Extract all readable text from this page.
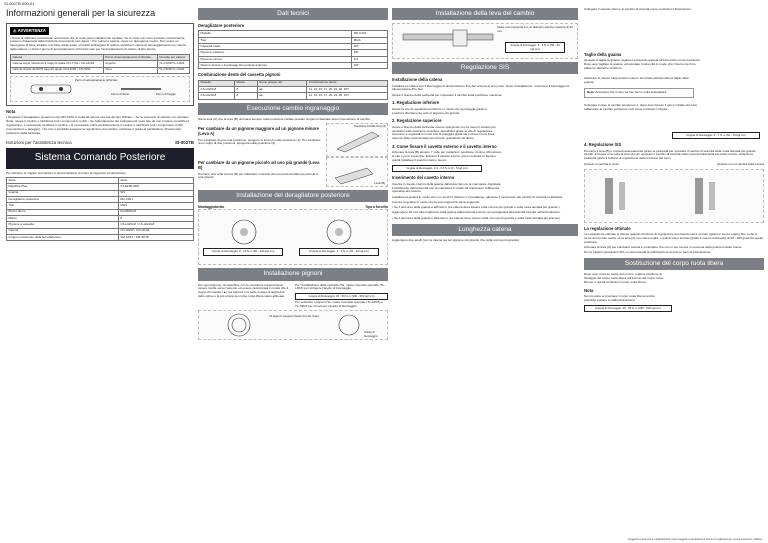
SI-0027B-000-01
Informazioni generali per la sicurezza
⚠ AVVERTENZA

• Prima di utilizzare la bicicletta, assicurarsi che le ruote siano saldamente avvitate. Se le ruote non sono avvitate correttamente, possono distaccarsi dalla bicicletta provocando seri danni. • Per pulire la catena, usare un detergente neutro. Non usare un detergente di base alcalina o di base acida quale i prodotti antiruggine in quanto sarebbero causa di danneggiamento e/o rottura della catena. • Usare il perno di accoppiamento rinforzato solo per l'accoppiamento di catene di tipo stretto.

Catena	Perno di accoppiamento rinforzato	Utensile per catena
Catena super stretta da 9 rapporti quale CN-7701 / CN-HG93	Argento	TL-CN32/TL-CN23
Catena stretta da 8/7/6 rapporti quale CN-HG50 / CN-IG51	Nero	TL-CN32/TL-CN22
Perno di accoppiamento rinforzato
Perno d'ottone	Perno di freggio
Nota

• Regolare il deragliatore posteriore tipo RD-C201 a molla ad azione inversa del tipo sfibrato. • Se le sporcano di cambio non risultano fluide, lavare il cambio e lubrificare tutti i componenti mobili. • Se l'allentamento dei collegamenti ruote tale da non rendere possibile la regolazione, è necessario sostituire il cambio. • È necessario pulire periodicamente il cambio e lubrificare tutti i componenti mobili (meccanismo e pulegge). • Se non è possibile eseguire la regolazione del cambio, verificare il grado di parallelismo all'estremità posteriore della bicicletta.

Istruzioni per l'assistenza tecnica	SI-0027B
Sistema Comando Posteriore

Per ottenere le migliori prestazioni si raccomandano di usare la seguente combinazione.

Serie	Altus
Rapidfire Plus	ST-EF50-9R/T
Guaina	SIS
Deragliatore posteriore	RD-C201
Tipo	MGS
Mozzo libero	FH-RM30-8
Marce	8
Pignone a cassetta	CS-HG50-8 / CS-HG40-8
Catena	CN-HG53 / CN-HG40
Gruppo movimento della ferrodarlerone	SM-SP10 / SM-SP18
Dati tecnici
Deragliatore posteriore
Modello	RD-C201
Tipo	MGS
Capacità totale	32T
Pignone massimo	34T
Pignone minimo	11T
Sistemi da fare e ingranaggi lato puntura anteriore	32T
Combinazione dente del cassetta pignoni
Modello	Marce	Nome gruppo det	Combinazione dente
CS-HG50-8	8	aa	11, 13, 15, 17, 20, 23, 26, 30T
CS-HG40-8	8	aa	11, 13, 15, 17, 20, 23, 26, 34T
Esecuzione cambio ingranaggio

Sia la leva (A) che la leva (B) ritornano sempre nella posizione iniziale quando vengono rilasciate dopo l'operazione di cambio.

Per cambiare da un pignone maggiore ad un pignone minore (Leva A)

Per cambiare di una sola posizione, spingere la leva (A) sulla posizione (1). Per cambiare di un colpo di due posizioni, spingerla sulla posizione (2).

Posizione iniziale leva (A)
Per cambiare da un pignone piccolo ad uno più grande (Leva B)

Premere una volta la leva (B) per effettuare il cambio da una ruota dentata più piccola a una grande.

Leva (B)
Installazione del deragliatore posteriore
Montaggiobietto	Tipo a forcella
Coppia di bloccaggio: 8 - 10 N·m (80 - 100 kgf·cm)	Coppia di bloccaggio: 3 - 4 N·m (30 - 40 kgf·cm)
Installazione pignoni

Per ogni pignone, la superficie con le marcature presenti deve essere rivolta verso l'esterno ed essere posizionata in modo che il segno di incastro (▲) sui pignoni e la parte A dove la larghezza dello spline è la più ampia del corpo ruota libera siano allineate.

Per l'installazione della cassetta HG, usare l'utensile speciale (TL-LR15) per stringere l'anello di bloccaggio.

Coppia di bloccaggio: 30 - 50 N·m (300 - 500 kgf·cm)

Per sostituire i pignoni HG, usare l'utensile speciale (TL-LR15) e TL-SR21 per rimuovere l'anello di bloccaggio.

I 8 pignoni vengono fissati con dei rivetti.
Anello di bloccaggio
Installazione della leva del cambio
Usare una manopola con un diametro esterno massimo di 32 mm.
Coppia di bloccaggio: 5 - 6 N·m (50 - 60 kgf·cm)
Regolazione SIS
Installazione della catena

Installare la catena con il bloccaggio di alimentazione Pro-Set ancora al suo posto. Dopo l'installazione, rimuovere il bloccaggio di alimentazione Pro-Set.

Girare il braccio della pedivella per impostare il cambio sulla posizione massima.

1. Regolazione inferiore

Girare la vite di regolazione inferiore in modo che la puleggia guida si posizioni direttamente sotto il pignone più grande.

2. Regolazione superiore

Girare il braccio della pedivella mentre spingendo con la mano il cambio per spostarlo sulla posizione massima, dopodiché girare la vite di regolazione superiore e regolarla in modo che la puleggia guida sia in linea con la linea esterna della ruota dentata più piccola, guardando da dietro.

3. Come fissare il cavetto esterno e il cavetto interno

Azionare la leva (B) almeno 7 volte per portarla in posizione minima. Rimuovere la vite e poi il coperchio. Estrarre il cavetto interno come mostrato in figura e quindi installare il cavetto interno nuovo.

Coppia di bloccaggio: 0.3 - 0.5 N·m (3 - 5 kgf·cm)
Inserimento del cavetto interno

Inserire il cavetto interno nella guaina dall'estremità con la marcatura. Applicare il lubrificante dall'estremità con la marcatura in modo da mantenere l'efficienza operativa del cavetto.

Installare la guaina in modo che non tocchi il ciclismo o il parafango, allineare il movimento del cambio di velocità in abbassa.

Inserire la guaina in modo che la sua lunghezza sia la seguente.

• Se il percorso della guaina è all'interno (La catena deve essere sulla corona più grande e sulla ruota dentata più grande.)

Aggiungere 10 mm alla lunghezza della guaina dall'estremità mentre nel portaguaina all'estremità inserita nell'articolazione.

• Se il percorso della guaina è all'esterno (La catena deve essere sulla corona più grande e sulla ruota dentata più grande.)

Lunghezza catena

Aggiungere due anelli (con la catena sia sul pignone più grande che sulla corona più grande)

Collegare il cavetto interno al cambio di velocità come mostrato in illustrazione.

Taglio della guaina

Quando si taglia la guaina, tagliare l'estremità opposta all'estremità con la marcatura. Dopo aver tagliato la guaina, arrotondare l'estremità in modo che l'interno del foro abbia un diametro uniforme.

Attaccare lo stesso cappuccetto esterno terminale all'estremità di taglio della guaina.

Nota: Accertarsi che il cavo sia ben fermo nella scanalatura.

Collegare il cavo al cambio posteriore e, dopo aver ripreso il gioco iniziale del cavo, riallacciare al cambio posteriore così come mostrato in figura.

Coppia di bloccaggio: 5 - 7 N·m (50 - 70 kgf·cm)
4. Regolazione SIS

Premere il leva (B) e contemporaneamente girare la pedivella per spostare il cambio di velocità sulla ruota dentata più grande. Quindi, azionare una volta la leva (A) per spostare il cambio di velocità sulla ruota dentata della seconda marcia. Girando la pedivella girare il bullone di regolazione della tensione del cavo.

Quando si cambia in terza	Quando non si cambia sulla corona
La regolazione ottimale

La regolazione ottimale si ottiene quando il bullone di regolazione del cavetto viene serrato (girato in senso orario) fino a che si sente del rumore anche se la leva (A) non viene usata, e quindi viene serrato (girato in senso antiorario) di 90 - 180 gradi da quella posizione.

Azionare la leva (A) per cambiare marcia e controllare che non ci sia rumore in nessuna della posizioni delle marce.

Per le migliori prestazioni SIS, si raccomanda la lubrificazione di tutte le parti di trasmissione.

Sostituzione del corpo ruota libera

Dopo aver rimosso l'asse del mozzo, togliere il bullone di fissaggio del corpo ruota libera (all'interno del corpo ruota libera), e quindi sostituire il corpo ruota libera.

Nota

Non provare a smontare il corpo ruota libera perché potrebbe portare a malfunzionamenti.

Coppia di bloccaggio: 35 - 50 N·m (350 - 500 kgf·cm)
Soggetto a leva che le caratteristiche sono soggette a cambiamenti dovuti ai miglioramenti, senza preavviso. (Italian)
